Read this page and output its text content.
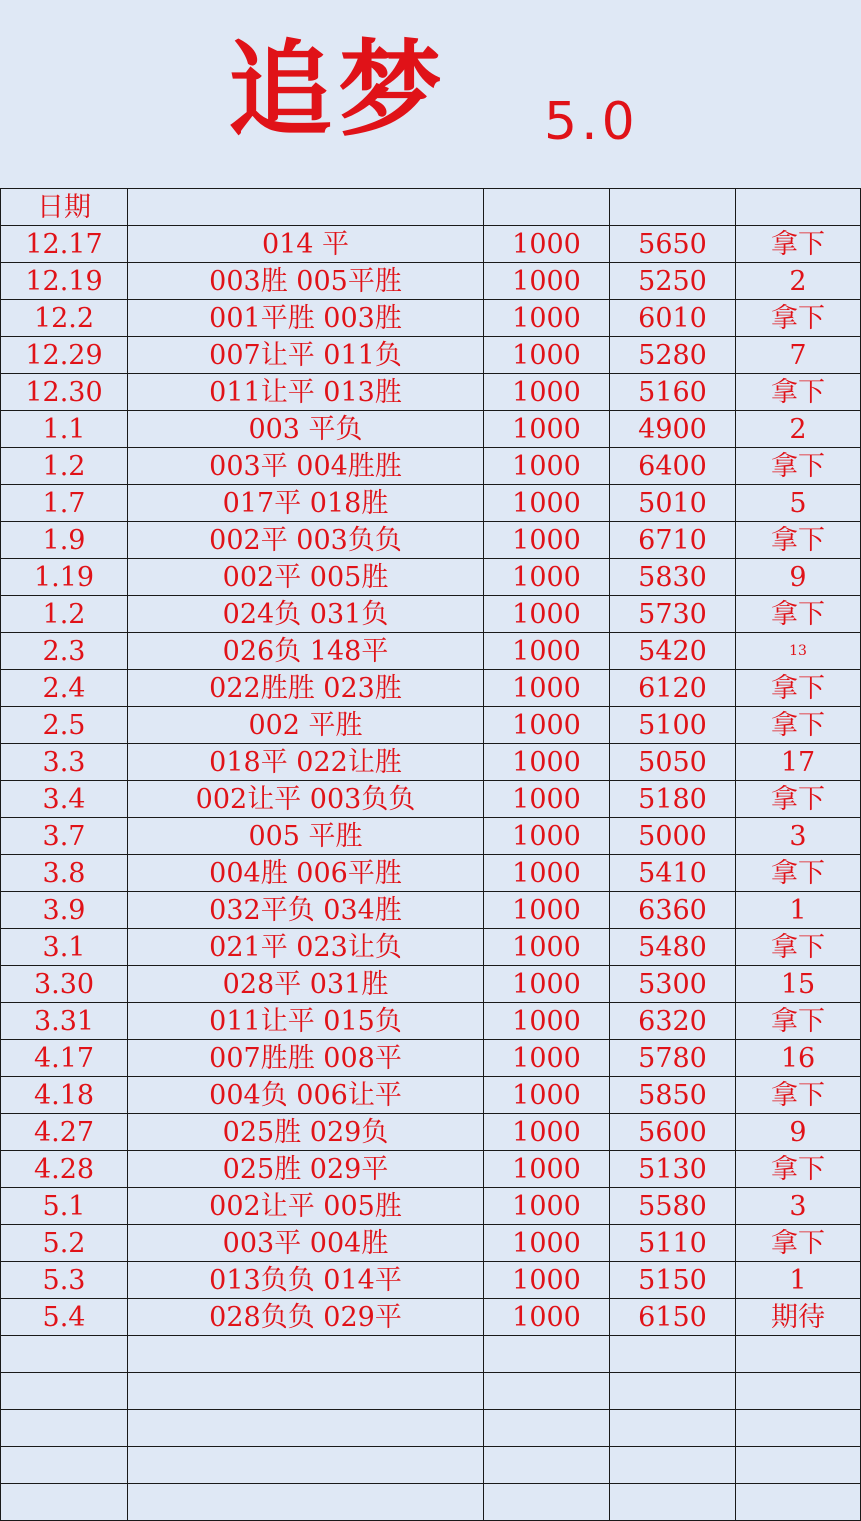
追梦 5.0
日期				
12.17	014 平	1000	5650	拿下
12.19	003胜 005平胜	1000	5250	2
12.2	001平胜 003胜	1000	6010	拿下
12.29	007让平 011负	1000	5280	7
12.30	011让平 013胜	1000	5160	拿下
1.1	003 平负	1000	4900	2
1.2	003平 004胜胜	1000	6400	拿下
1.7	017平 018胜	1000	5010	5
1.9	002平 003负负	1000	6710	拿下
1.19	002平 005胜	1000	5830	9
1.2	024负 031负	1000	5730	拿下
2.3	026负 148平	1000	5420	13
2.4	022胜胜 023胜	1000	6120	拿下
2.5	002 平胜	1000	5100	拿下
3.3	018平 022让胜	1000	5050	17
3.4	002让平 003负负	1000	5180	拿下
3.7	005 平胜	1000	5000	3
3.8	004胜 006平胜	1000	5410	拿下
3.9	032平负 034胜	1000	6360	1
3.1	021平 023让负	1000	5480	拿下
3.30	028平 031胜	1000	5300	15
3.31	011让平 015负	1000	6320	拿下
4.17	007胜胜 008平	1000	5780	16
4.18	004负 006让平	1000	5850	拿下
4.27	025胜 029负	1000	5600	9
4.28	025胜 029平	1000	5130	拿下
5.1	002让平 005胜	1000	5580	3
5.2	003平 004胜	1000	5110	拿下
5.3	013负负 014平	1000	5150	1
5.4	028负负 029平	1000	6150	期待
